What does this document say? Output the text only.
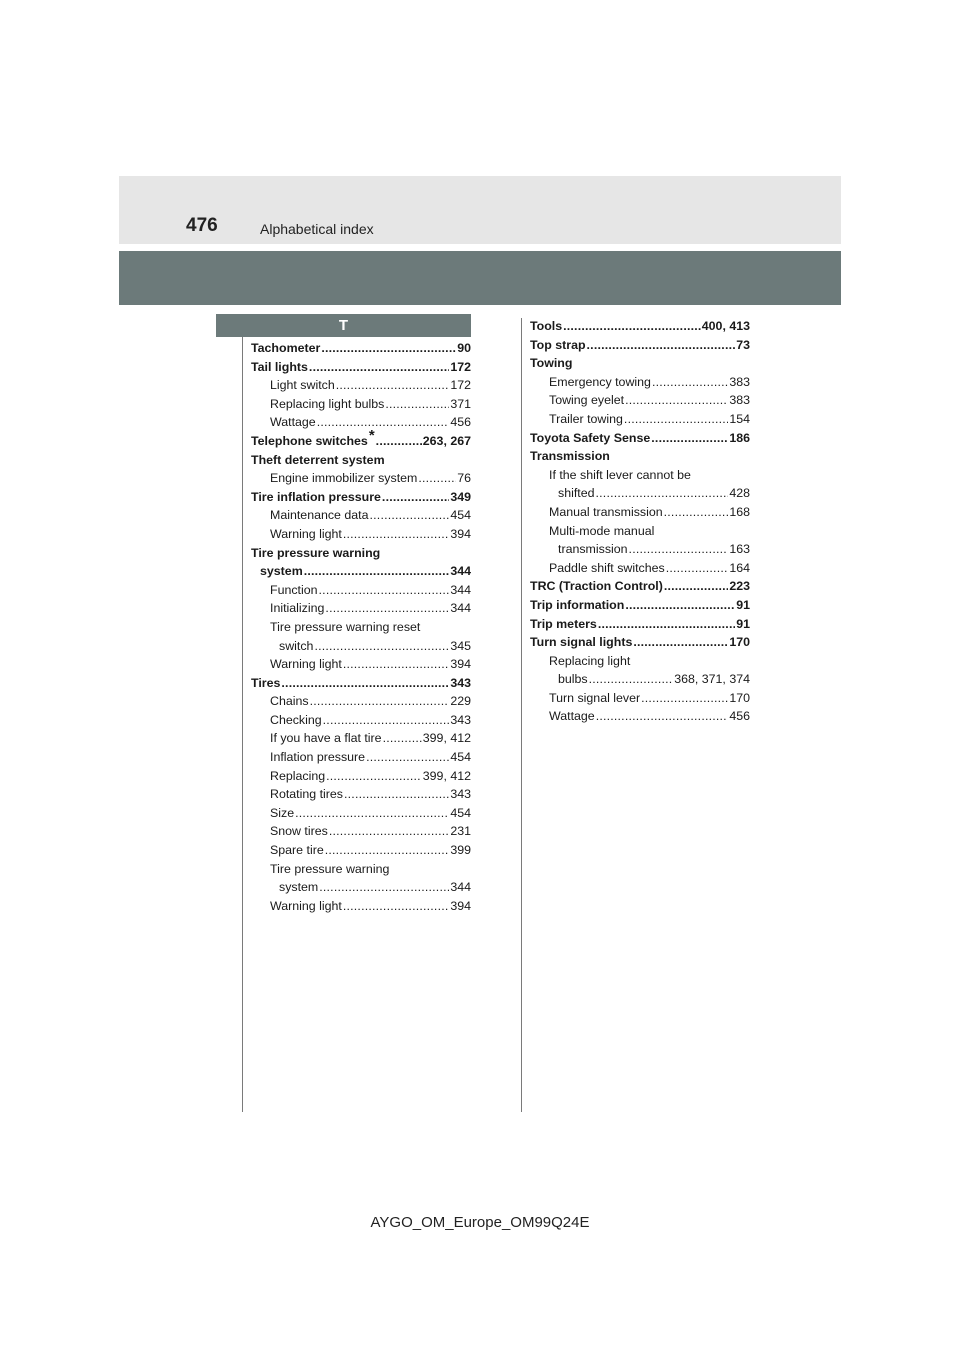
476	Alphabetical index
T
Tachometer .....	90
Tail lights .....	172
Light switch .....	172
Replacing light bulbs .....	371
Wattage .....	456
Telephone switches * .....	263, 267
Theft deterrent system
Engine immobilizer system .....	76
Tire inflation pressure .....	349
Maintenance data .....	454
Warning light .....	394
Tire pressure warning
system .....	344
Function .....	344
Initializing .....	344
Tire pressure warning reset
switch .....	345
Warning light .....	394
Tires .....	343
Chains .....	229
Checking .....	343
If you have a flat tire .....	399, 412
Inflation pressure .....	454
Replacing .....	399, 412
Rotating tires .....	343
Size .....	454
Snow tires .....	231
Spare tire .....	399
Tire pressure warning
system .....	344
Warning light .....	394
Tools .....	400, 413
Top strap .....	73
Towing
Emergency towing .....	383
Towing eyelet .....	383
Trailer towing .....	154
Toyota Safety Sense .....	186
Transmission
If the shift lever cannot be
shifted .....	428
Manual transmission .....	168
Multi-mode manual
transmission .....	163
Paddle shift switches .....	164
TRC (Traction Control) .....	223
Trip information .....	91
Trip meters .....	91
Turn signal lights .....	170
Replacing light
bulbs .....	368, 371, 374
Turn signal lever .....	170
Wattage .....	456
AYGO_OM_Europe_OM99Q24E
